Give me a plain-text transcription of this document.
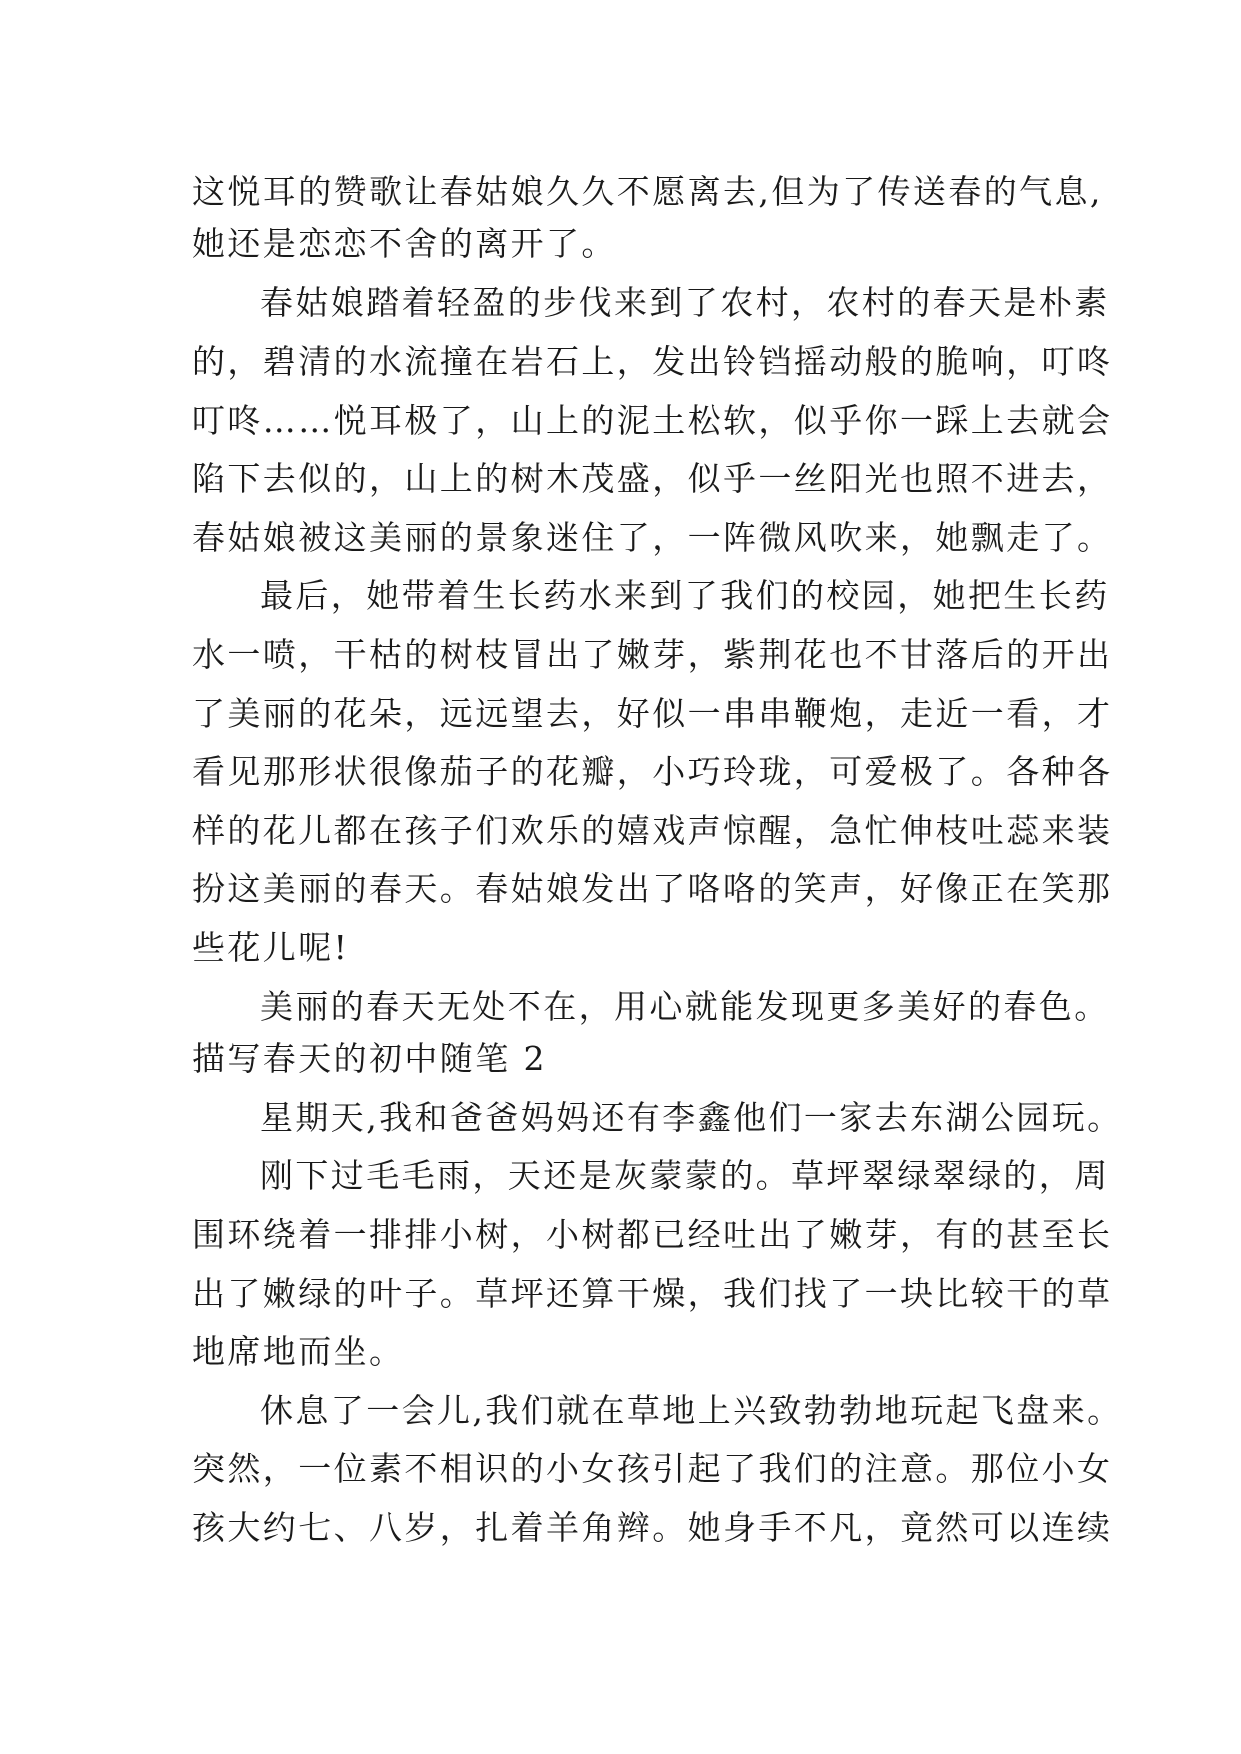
这悦耳的赞歌让春姑娘久久不愿离去,但为了传送春的气息,
她还是恋恋不舍的离开了。
春姑娘踏着轻盈的步伐来到了农村，农村的春天是朴素
的，碧清的水流撞在岩石上，发出铃铛摇动般的脆响，叮咚
叮咚……悦耳极了，山上的泥土松软，似乎你一踩上去就会
陷下去似的，山上的树木茂盛，似乎一丝阳光也照不进去，
春姑娘被这美丽的景象迷住了，一阵微风吹来，她飘走了。
最后，她带着生长药水来到了我们的校园，她把生长药
水一喷，干枯的树枝冒出了嫩芽，紫荆花也不甘落后的开出
了美丽的花朵，远远望去，好似一串串鞭炮，走近一看，才
看见那形状很像茄子的花瓣，小巧玲珑，可爱极了。各种各
样的花儿都在孩子们欢乐的嬉戏声惊醒，急忙伸枝吐蕊来装
扮这美丽的春天。春姑娘发出了咯咯的笑声，好像正在笑那
些花儿呢!
美丽的春天无处不在，用心就能发现更多美好的春色。
描写春天的初中随笔 2
星期天,我和爸爸妈妈还有李鑫他们一家去东湖公园玩。
刚下过毛毛雨，天还是灰蒙蒙的。草坪翠绿翠绿的，周
围环绕着一排排小树，小树都已经吐出了嫩芽，有的甚至长
出了嫩绿的叶子。草坪还算干燥，我们找了一块比较干的草
地席地而坐。
休息了一会儿,我们就在草地上兴致勃勃地玩起飞盘来。
突然，一位素不相识的小女孩引起了我们的注意。那位小女
孩大约七、八岁，扎着羊角辫。她身手不凡，竟然可以连续
